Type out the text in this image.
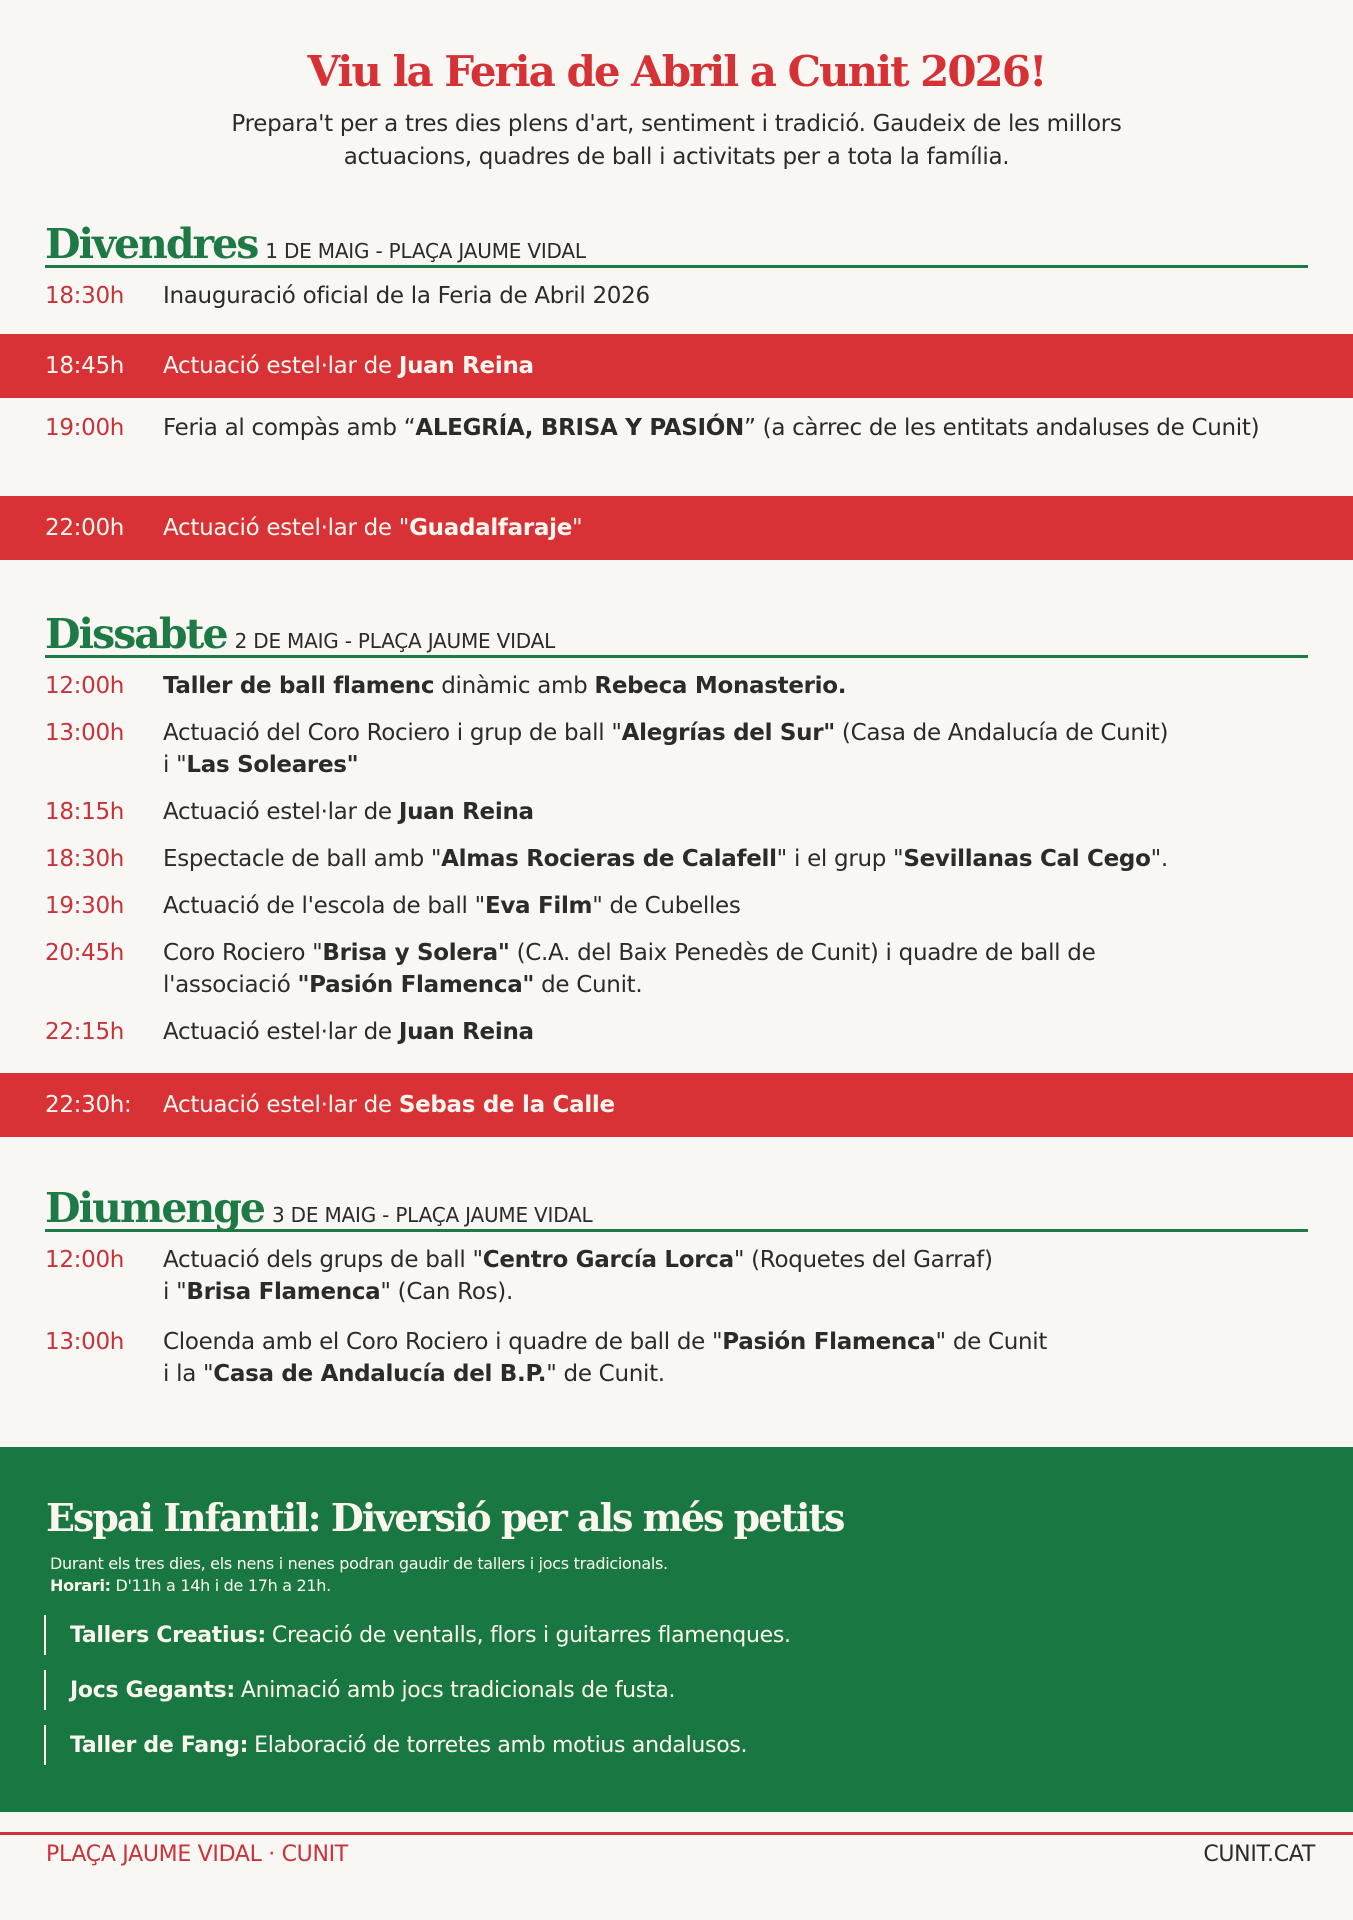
Viu la Feria de Abril a Cunit 2026!

Prepara't per a tres dies plens d'art, sentiment i tradició. Gaudeix de les millors
actuacions, quadres de ball i activitats per a tota la família.

Divendres 1 DE MAIG - PLAÇA JAUME VIDAL
18:30h	Inauguració oficial de la Feria de Abril 2026
18:45h	Actuació estel·lar de Juan Reina
19:00h	Feria al compàs amb “ALEGRÍA, BRISA Y PASIÓN” (a càrrec de les entitats andaluses de Cunit)
22:00h	Actuació estel·lar de "Guadalfaraje"
Dissabte 2 DE MAIG - PLAÇA JAUME VIDAL
12:00h	Taller de ball flamenc dinàmic amb Rebeca Monasterio.
13:00h	Actuació del Coro Rociero i grup de ball "Alegrías del Sur" (Casa de Andalucía de Cunit)
i "Las Soleares"
18:15h	Actuació estel·lar de Juan Reina
18:30h	Espectacle de ball amb "Almas Rocieras de Calafell" i el grup "Sevillanas Cal Cego".
19:30h	Actuació de l'escola de ball "Eva Film" de Cubelles
20:45h	Coro Rociero "Brisa y Solera" (C.A. del Baix Penedès de Cunit) i quadre de ball de
l'associació "Pasión Flamenca" de Cunit.
22:15h	Actuació estel·lar de Juan Reina
22:30h:	Actuació estel·lar de Sebas de la Calle
Diumenge 3 DE MAIG - PLAÇA JAUME VIDAL
12:00h	Actuació dels grups de ball "Centro García Lorca" (Roquetes del Garraf)
i "Brisa Flamenca" (Can Ros).
13:00h	Cloenda amb el Coro Rociero i quadre de ball de "Pasión Flamenca" de Cunit
i la "Casa de Andalucía del B.P." de Cunit.
Espai Infantil: Diversió per als més petits

Durant els tres dies, els nens i nenes podran gaudir de tallers i jocs tradicionals.
Horari: D'11h a 14h i de 17h a 21h.

Tallers Creatius: Creació de ventalls, flors i guitarres flamenques.
Jocs Gegants: Animació amb jocs tradicionals de fusta.
Taller de Fang: Elaboració de torretes amb motius andalusos.
PLAÇA JAUME VIDAL · CUNIT	CUNIT.CAT
